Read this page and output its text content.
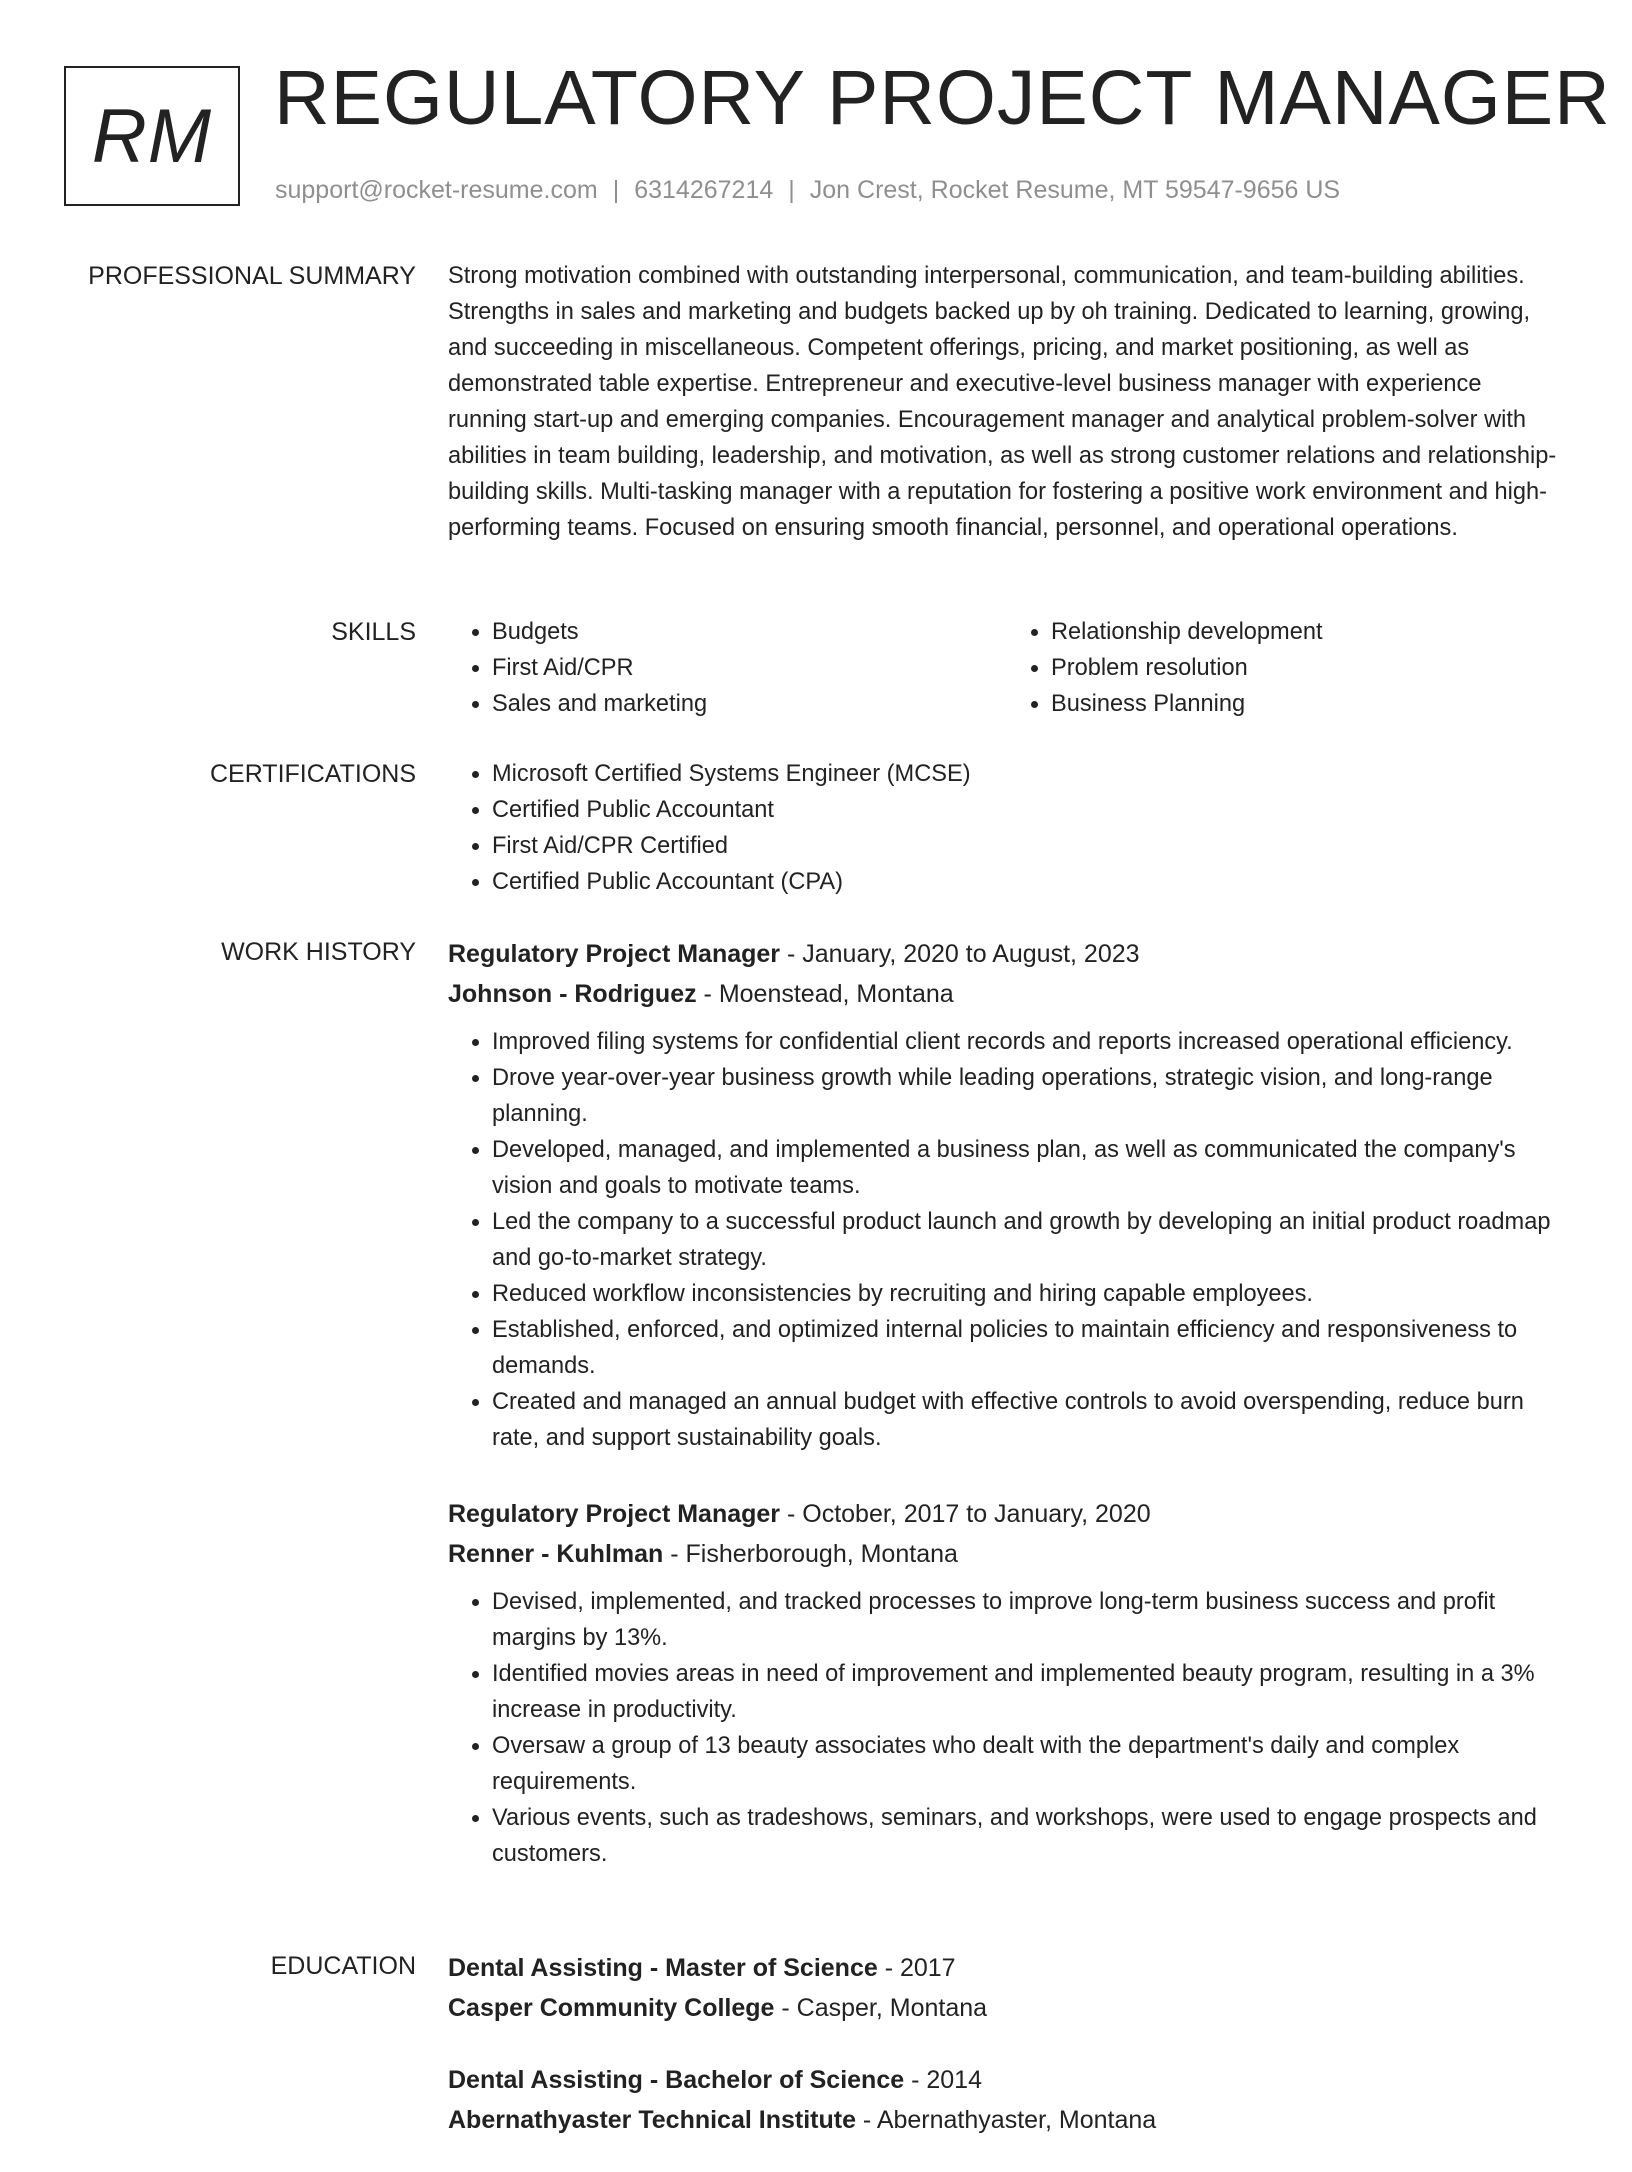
RM REGULATORY PROJECT MANAGER
support@rocket-resume.com | 6314267214 | Jon Crest, Rocket Resume, MT 59547-9656 US
PROFESSIONAL SUMMARY Strong motivation combined with outstanding interpersonal, communication, and team-building abilities. Strengths in sales and marketing and budgets backed up by oh training. Dedicated to learning, growing, and succeeding in miscellaneous. Competent offerings, pricing, and market positioning, as well as demonstrated table expertise. Entrepreneur and executive-level business manager with experience running start-up and emerging companies. Encouragement manager and analytical problem-solver with abilities in team building, leadership, and motivation, as well as strong customer relations and relationship-building skills. Multi-tasking manager with a reputation for fostering a positive work environment and high-performing teams. Focused on ensuring smooth financial, personnel, and operational operations.

SKILLS	• Budgets
• First Aid/CPR
• Sales and marketing
• Relationship development
• Problem resolution
• Business Planning
CERTIFICATIONS	• Microsoft Certified Systems Engineer (MCSE)
• Certified Public Accountant
• First Aid/CPR Certified
• Certified Public Accountant (CPA)
WORK HISTORY Regulatory Project Manager - January, 2020 to August, 2023
Johnson - Rodriguez - Moenstead, Montana
• Improved filing systems for confidential client records and reports increased operational efficiency.
• Drove year-over-year business growth while leading operations, strategic vision, and long-range planning.
• Developed, managed, and implemented a business plan, as well as communicated the company's vision and goals to motivate teams.
• Led the company to a successful product launch and growth by developing an initial product roadmap and go-to-market strategy.
• Reduced workflow inconsistencies by recruiting and hiring capable employees.
• Established, enforced, and optimized internal policies to maintain efficiency and responsiveness to demands.
• Created and managed an annual budget with effective controls to avoid overspending, reduce burn rate, and support sustainability goals.
Regulatory Project Manager - October, 2017 to January, 2020
Renner - Kuhlman - Fisherborough, Montana
• Devised, implemented, and tracked processes to improve long-term business success and profit margins by 13%.
• Identified movies areas in need of improvement and implemented beauty program, resulting in a 3% increase in productivity.
• Oversaw a group of 13 beauty associates who dealt with the department's daily and complex requirements.
• Various events, such as tradeshows, seminars, and workshops, were used to engage prospects and customers.
EDUCATION Dental Assisting - Master of Science - 2017
Casper Community College - Casper, Montana
Dental Assisting - Bachelor of Science - 2014
Abernathyaster Technical Institute - Abernathyaster, Montana
